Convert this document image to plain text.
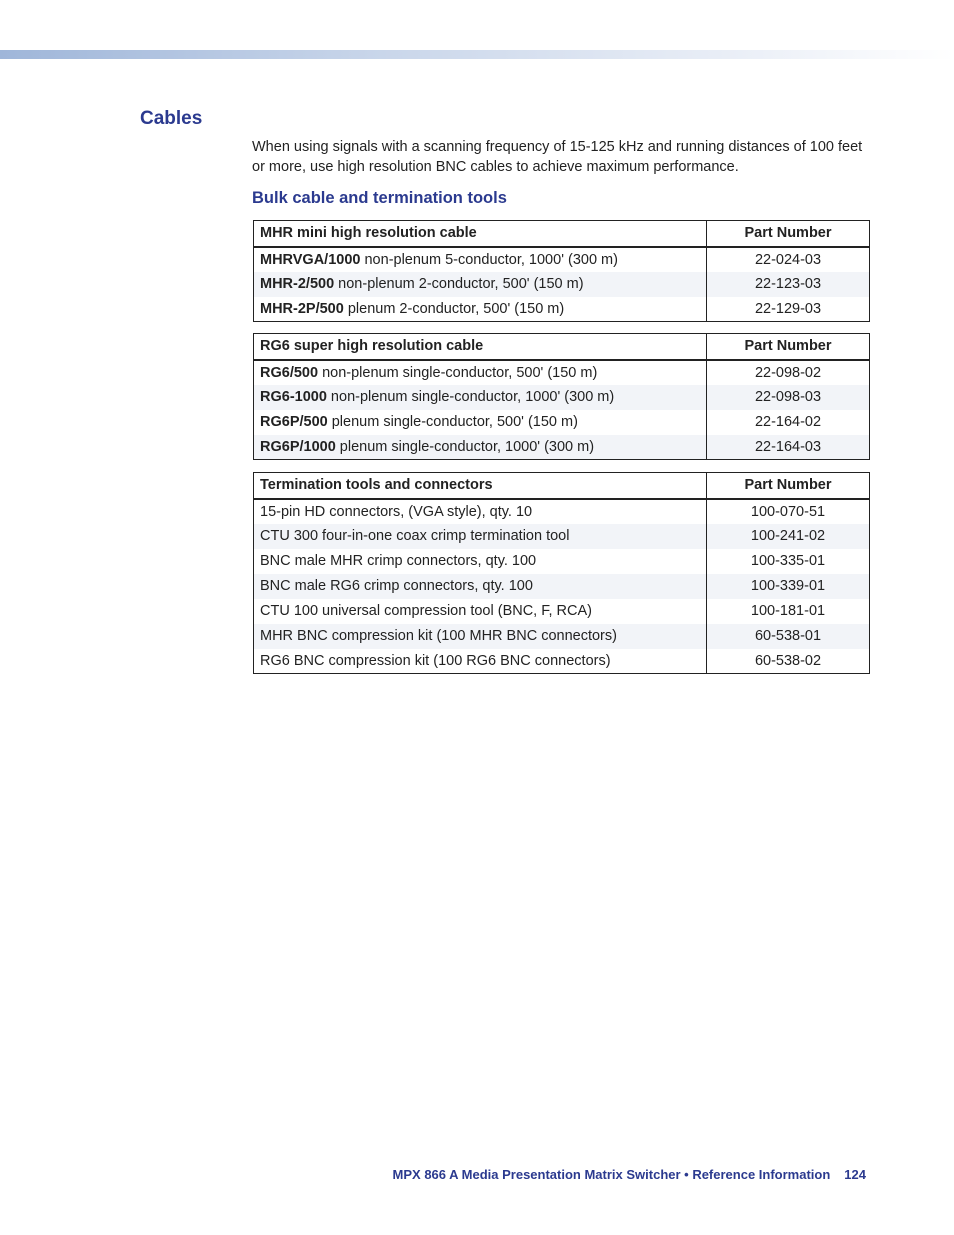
Cables

When using signals with a scanning frequency of 15-125 kHz and running distances of 100 feet or more, use high resolution BNC cables to achieve maximum performance.

Bulk cable and termination tools
MHR mini high resolution cable	Part Number
MHRVGA/1000 non-plenum 5-conductor, 1000' (300 m)	22-024-03
MHR-2/500 non-plenum 2-conductor, 500' (150 m)	22-123-03
MHR-2P/500 plenum 2-conductor, 500' (150 m)	22-129-03
RG6 super high resolution cable	Part Number
RG6/500 non-plenum single-conductor, 500' (150 m)	22-098-02
RG6-1000 non-plenum single-conductor, 1000' (300 m)	22-098-03
RG6P/500 plenum single-conductor, 500' (150 m)	22-164-02
RG6P/1000 plenum single-conductor, 1000' (300 m)	22-164-03
Termination tools and connectors	Part Number
15-pin HD connectors, (VGA style), qty. 10	100-070-51
CTU 300 four-in-one coax crimp termination tool	100-241-02
BNC male MHR crimp connectors, qty. 100	100-335-01
BNC male RG6 crimp connectors, qty. 100	100-339-01
CTU 100 universal compression tool (BNC, F, RCA)	100-181-01
MHR BNC compression kit (100 MHR BNC connectors)	60-538-01
RG6 BNC compression kit (100 RG6 BNC connectors)	60-538-02
MPX 866 A Media Presentation Matrix Switcher • Reference Information 124
